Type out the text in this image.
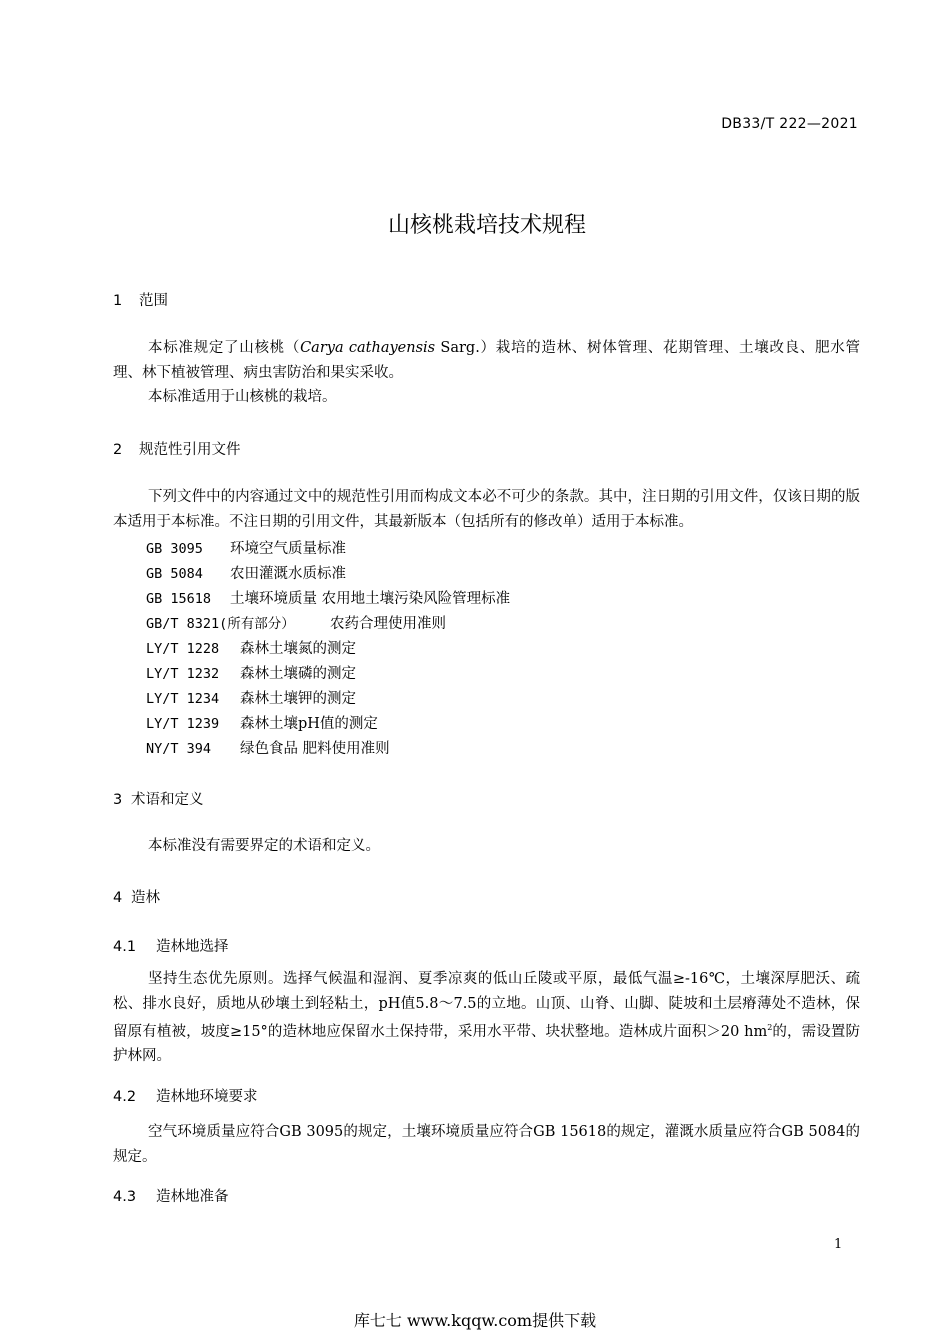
DB33/T 222—2021
山核桃栽培技术规程
1 范围

本标准规定了山核桃（Carya cathayensis Sarg.）栽培的造林、树体管理、花期管理、土壤改良、肥水管理、林下植被管理、病虫害防治和果实采收。

本标准适用于山核桃的栽培。

2 规范性引用文件

下列文件中的内容通过文中的规范性引用而构成文本必不可少的条款。其中，注日期的引用文件，仅该日期的版本适用于本标准。不注日期的引用文件，其最新版本（包括所有的修改单）适用于本标准。

GB 3095 环境空气质量标准
GB 5084 农田灌溉水质标准
GB 15618 土壤环境质量 农用地土壤污染风险管理标准
GB/T 8321(所有部分） 农药合理使用准则
LY/T 1228 森林土壤氮的测定
LY/T 1232 森林土壤磷的测定
LY/T 1234 森林土壤钾的测定
LY/T 1239 森林土壤pH值的测定
NY/T 394 绿色食品 肥料使用准则
3 术语和定义

本标准没有需要界定的术语和定义。

4 造林
4.1 造林地选择

坚持生态优先原则。选择气候温和湿润、夏季凉爽的低山丘陵或平原，最低气温≥-16℃，土壤深厚肥沃、疏松、排水良好，质地从砂壤土到轻粘土，pH值5.8～7.5的立地。山顶、山脊、山脚、陡坡和土层瘠薄处不造林，保留原有植被，坡度≥15°的造林地应保留水土保持带，采用水平带、块状整地。造林成片面积＞20 $hm^2$的，需设置防护林网。

4.2 造林地环境要求

空气环境质量应符合GB 3095的规定，土壤环境质量应符合GB 15618的规定，灌溉水质量应符合GB 5084的规定。

4.3 造林地准备
1
库七七 www.kqqw.com提供下载
